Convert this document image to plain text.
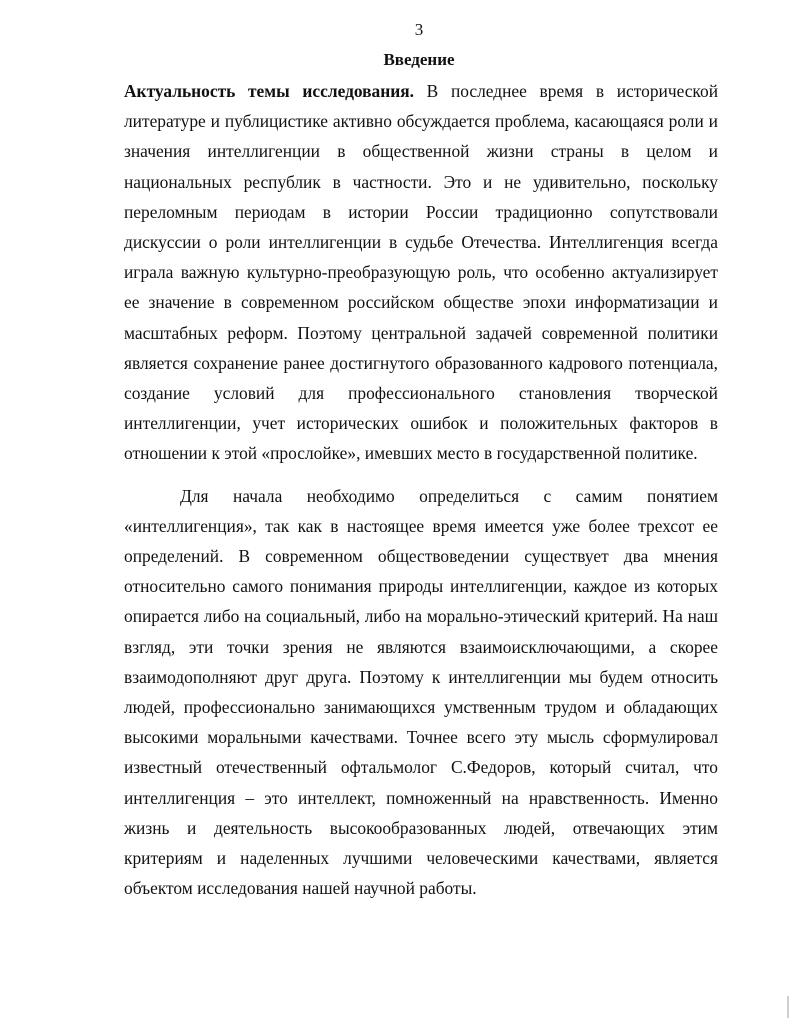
3
Введение

Актуальность темы исследования. В последнее время в исторической литературе и публицистике активно обсуждается проблема, касающаяся роли и значения интеллигенции в общественной жизни страны в целом и национальных республик в частности. Это и не удивительно, поскольку переломным периодам в истории России традиционно сопутствовали дискуссии о роли интеллигенции в судьбе Отечества. Интеллигенция всегда играла важную культурно-преобразующую роль, что особенно актуализирует ее значение в современном российском обществе эпохи информатизации и масштабных реформ. Поэтому центральной задачей современной политики является сохранение ранее достигнутого образованного кадрового потенциала, создание условий для профессионального становления творческой интеллигенции, учет исторических ошибок и положительных факторов в отношении к этой «прослойке», имевших место в государственной политике.

Для начала необходимо определиться с самим понятием «интеллигенция», так как в настоящее время имеется уже более трехсот ее определений. В современном обществоведении существует два мнения относительно самого понимания природы интеллигенции, каждое из которых опирается либо на социальный, либо на морально-этический критерий. На наш взгляд, эти точки зрения не являются взаимоисключающими, а скорее взаимодополняют друг друга. Поэтому к интеллигенции мы будем относить людей, профессионально занимающихся умственным трудом и обладающих высокими моральными качествами. Точнее всего эту мысль сформулировал известный отечественный офтальмолог С.Федоров, который считал, что интеллигенция – это интеллект, помноженный на нравственность. Именно жизнь и деятельность высокообразованных людей, отвечающих этим критериям и наделенных лучшими человеческими качествами, является объектом исследования нашей научной работы.
